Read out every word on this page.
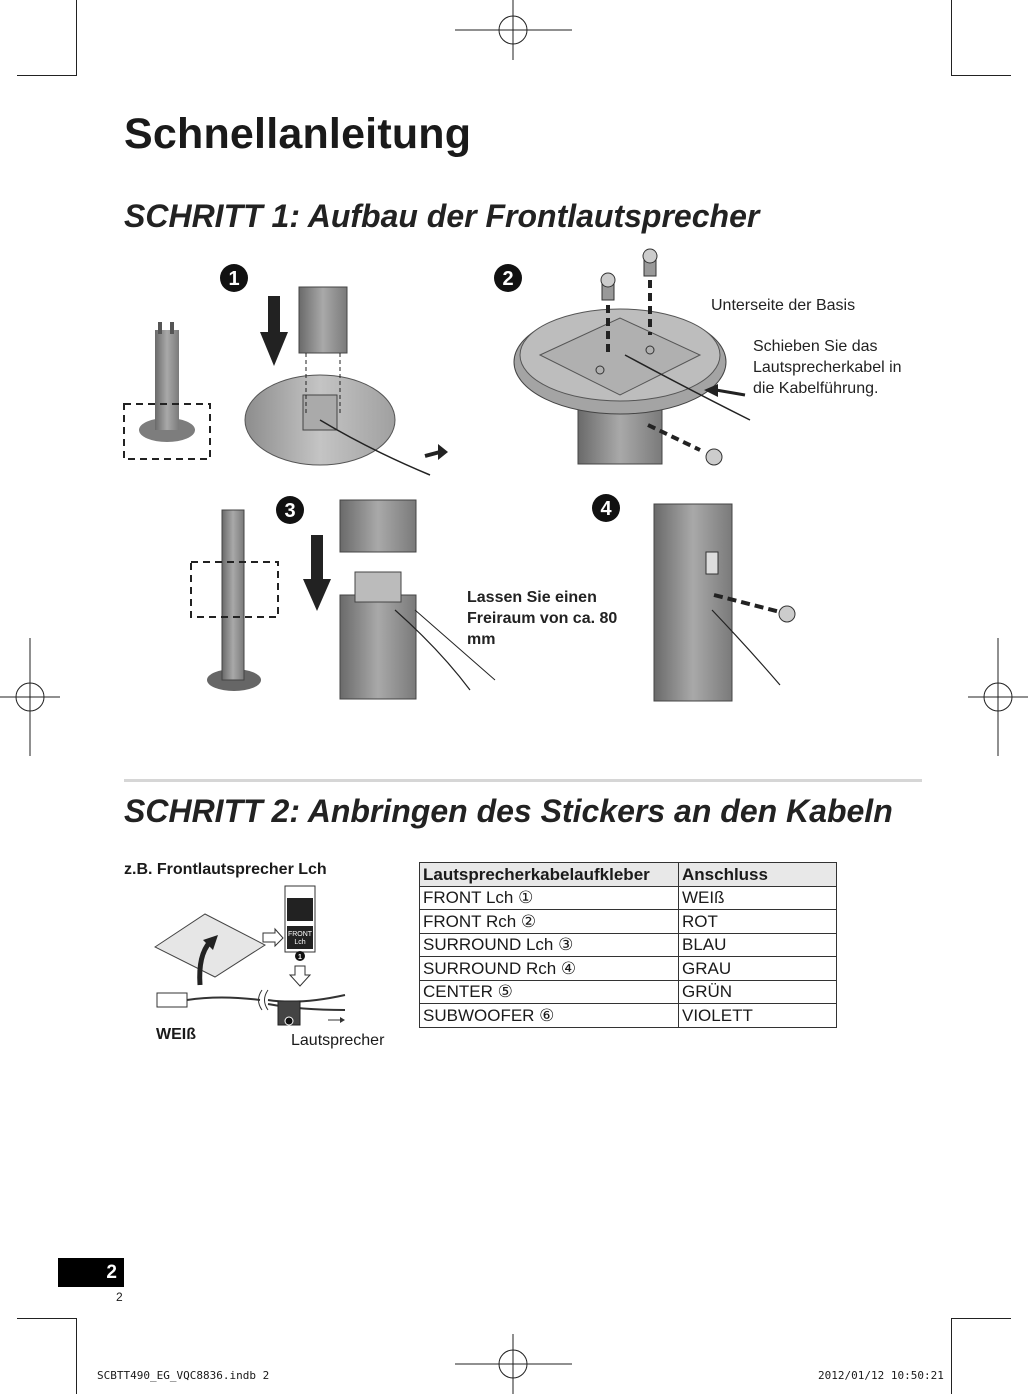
Schnellanleitung
SCHRITT 1: Aufbau der Frontlautsprecher
1	2
3	4
Unterseite der Basis
Schieben Sie das
Lautsprecherkabel in
die Kabelführung.
Lassen Sie einen
Freiraum von ca. 80
mm
SCHRITT 2: Anbringen des Stickers an den Kabeln
z.B. Frontlautsprecher Lch
FRONT
Lch
1
WEIß	Lautsprecher
Lautsprecherkabelaufkleber	Anschluss
FRONT Lch ①	WEIß
FRONT Rch ②	ROT
SURROUND Lch ③	BLAU
SURROUND Rch ④	GRAU
CENTER ⑤	GRÜN
SUBWOOFER ⑥	VIOLETT
2
2
SCBTT490_EG_VQC8836.indb 2	2012/01/12 10:50:21
